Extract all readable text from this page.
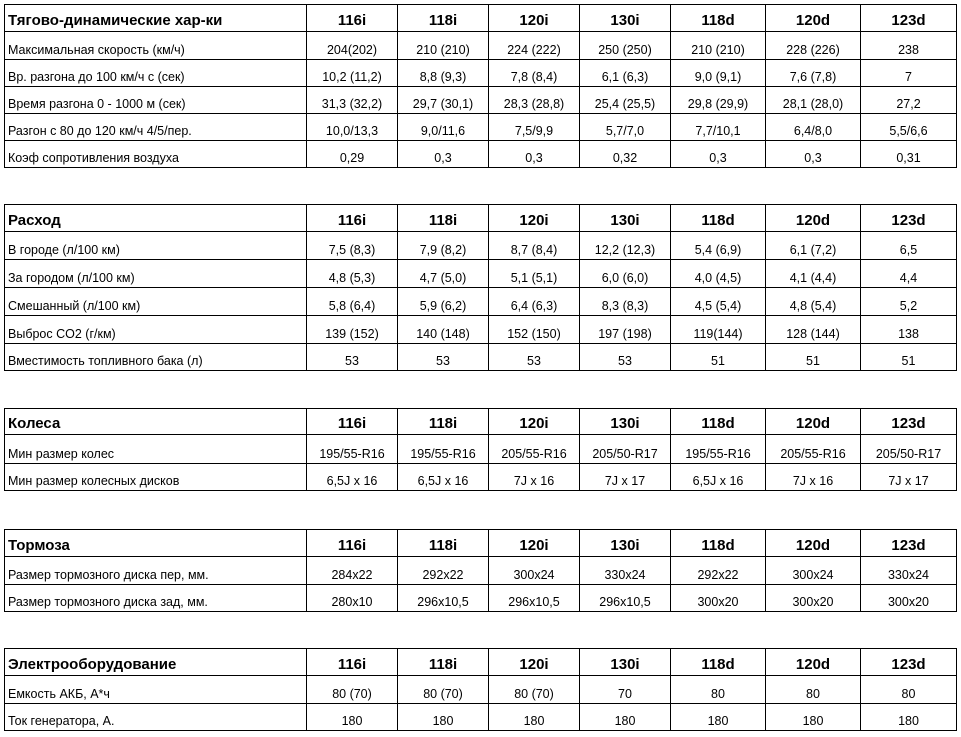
Тягово-динамические хар-ки	116i	118i	120i	130i	118d	120d	123d
Максимальная скорость (км/ч)	204(202)	210 (210)	224 (222)	250 (250)	210 (210)	228 (226)	238
Вр. разгона до 100 км/ч с (сек)	10,2 (11,2)	8,8 (9,3)	7,8 (8,4)	6,1 (6,3)	9,0 (9,1)	7,6 (7,8)	7
Время разгона 0 - 1000 м (сек)	31,3 (32,2)	29,7 (30,1)	28,3 (28,8)	25,4 (25,5)	29,8 (29,9)	28,1 (28,0)	27,2
Разгон с 80 до 120 км/ч 4/5/пер.	10,0/13,3	9,0/11,6	7,5/9,9	5,7/7,0	7,7/10,1	6,4/8,0	5,5/6,6
Коэф сопротивления воздуха	0,29	0,3	0,3	0,32	0,3	0,3	0,31
Расход	116i	118i	120i	130i	118d	120d	123d
В городе (л/100 км)	7,5 (8,3)	7,9 (8,2)	8,7 (8,4)	12,2 (12,3)	5,4 (6,9)	6,1 (7,2)	6,5
За городом (л/100 км)	4,8 (5,3)	4,7 (5,0)	5,1 (5,1)	6,0 (6,0)	4,0 (4,5)	4,1 (4,4)	4,4
Смешанный (л/100 км)	5,8 (6,4)	5,9 (6,2)	6,4 (6,3)	8,3 (8,3)	4,5 (5,4)	4,8 (5,4)	5,2
Выброс CO2 (г/км)	139 (152)	140 (148)	152 (150)	197 (198)	119(144)	128 (144)	138
Вместимость топливного бака (л)	53	53	53	53	51	51	51
Колеса	116i	118i	120i	130i	118d	120d	123d
Мин размер колес	195/55-R16	195/55-R16	205/55-R16	205/50-R17	195/55-R16	205/55-R16	205/50-R17
Мин размер колесных дисков	6,5J x 16	6,5J x 16	7J x 16	7J x 17	6,5J x 16	7J x 16	7J x 17
Тормоза	116i	118i	120i	130i	118d	120d	123d
Размер тормозного диска пер, мм.	284x22	292x22	300x24	330x24	292x22	300x24	330x24
Размер тормозного диска зад, мм.	280x10	296x10,5	296x10,5	296x10,5	300x20	300x20	300x20
Электрооборудование	116i	118i	120i	130i	118d	120d	123d
Емкость АКБ, А*ч	80 (70)	80 (70)	80 (70)	70	80	80	80
Ток генератора, А.	180	180	180	180	180	180	180
